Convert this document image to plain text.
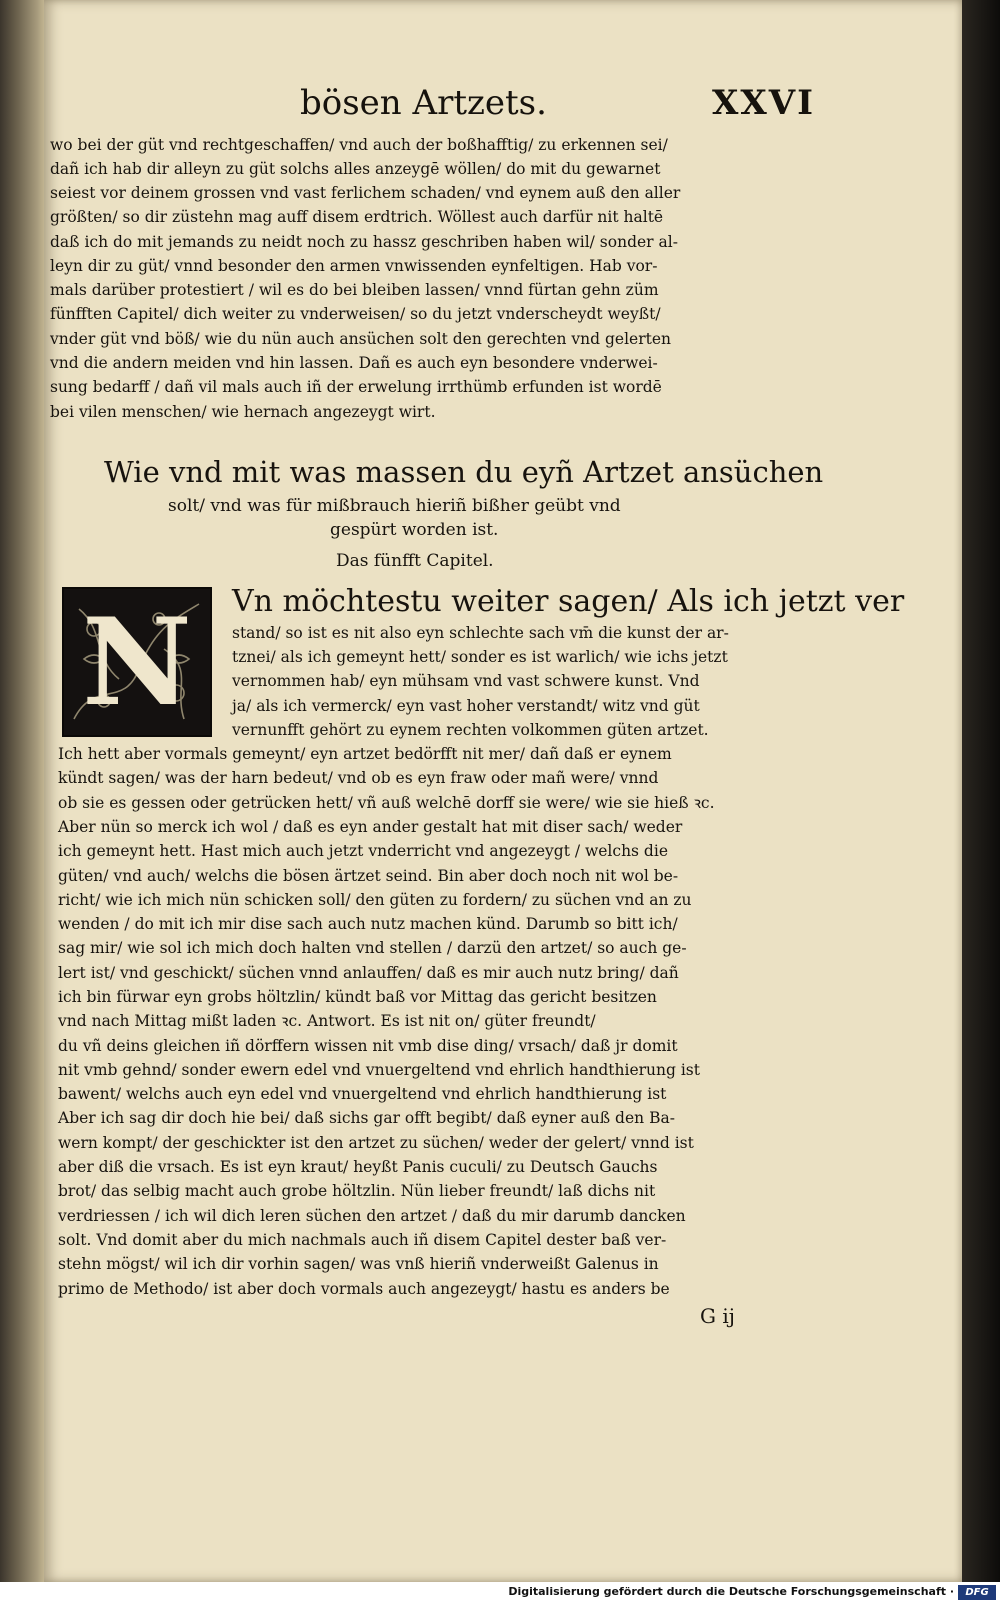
bösen Artzets.	XXVI
wo bei der güt vnd rechtgeschaffen/ vnd auch der boßhafftig/ zu erkennen sei/
dañ ich hab dir alleyn zu güt solchs alles anzeygē wöllen/ do mit du gewarnet
seiest vor deinem grossen vnd vast ferlichem schaden/ vnd eynem auß den aller
größten/ so dir züstehn mag auff disem erdtrich. Wöllest auch darfür nit haltē
daß ich do mit jemands zu neidt noch zu hassz geschriben haben wil/ sonder al-
leyn dir zu güt/ vnnd besonder den armen vnwissenden eynfeltigen. Hab vor-
mals darüber protestiert / wil es do bei bleiben lassen/ vnnd fürtan gehn züm
fünfften Capitel/ dich weiter zu vnderweisen/ so du jetzt vnderscheydt weyßt/
vnder güt vnd böß/ wie du nün auch ansüchen solt den gerechten vnd gelerten
vnd die andern meiden vnd hin lassen. Dañ es auch eyn besondere vnderwei-
sung bedarff / dañ vil mals auch iñ der erwelung irrthümb erfunden ist wordē
bei vilen menschen/ wie hernach angezeygt wirt.
Wie vnd mit was massen du eyñ Artzet ansüchen
solt/ vnd was für mißbrauch hieriñ bißher geübt vnd
gespürt worden ist.
Das fünfft Capitel.
N	Vn möchtestu weiter sagen/ Als ich jetzt ver
stand/ so ist es nit also eyn schlechte sach vm̄ die kunst der ar-
tznei/ als ich gemeynt hett/ sonder es ist warlich/ wie ichs jetzt
vernommen hab/ eyn mühsam vnd vast schwere kunst. Vnd
ja/ als ich vermerck/ eyn vast hoher verstandt/ witz vnd güt
vernunfft gehört zu eynem rechten volkommen güten artzet.
Ich hett aber vormals gemeynt/ eyn artzet bedörfft nit mer/ dañ daß er eynem
kündt sagen/ was der harn bedeut/ vnd ob es eyn fraw oder mañ were/ vnnd
ob sie es gessen oder getrücken hett/ vñ auß welchē dorff sie were/ wie sie hieß ꝛc.
Aber nün so merck ich wol / daß es eyn ander gestalt hat mit diser sach/ weder
ich gemeynt hett. Hast mich auch jetzt vnderricht vnd angezeygt / welchs die
güten/ vnd auch/ welchs die bösen ärtzet seind. Bin aber doch noch nit wol be-
richt/ wie ich mich nün schicken soll/ den güten zu fordern/ zu süchen vnd an zu
wenden / do mit ich mir dise sach auch nutz machen künd. Darumb so bitt ich/
sag mir/ wie sol ich mich doch halten vnd stellen / darzü den artzet/ so auch ge-
lert ist/ vnd geschickt/ süchen vnnd anlauffen/ daß es mir auch nutz bring/ dañ
ich bin fürwar eyn grobs höltzlin/ kündt baß vor Mittag das gericht besitzen
vnd nach Mittag mißt laden ꝛc. Antwort. Es ist nit on/ güter freundt/
du vñ deins gleichen iñ dörffern wissen nit vmb dise ding/ vrsach/ daß jr domit
nit vmb gehnd/ sonder ewern edel vnd vnuergeltend vnd ehrlich handthierung ist
bawent/ welchs auch eyn edel vnd vnuergeltend vnd ehrlich handthierung ist
Aber ich sag dir doch hie bei/ daß sichs gar offt begibt/ daß eyner auß den Ba-
wern kompt/ der geschickter ist den artzet zu süchen/ weder der gelert/ vnnd ist
aber diß die vrsach. Es ist eyn kraut/ heyßt Panis cuculi/ zu Deutsch Gauchs
brot/ das selbig macht auch grobe höltzlin. Nün lieber freundt/ laß dichs nit
verdriessen / ich wil dich leren süchen den artzet / daß du mir darumb dancken
solt. Vnd domit aber du mich nachmals auch iñ disem Capitel dester baß ver-
stehn mögst/ wil ich dir vorhin sagen/ was vnß hieriñ vnderweißt Galenus in
primo de Methodo/ ist aber doch vormals auch angezeygt/ hastu es anders be
G ij
Digitalisierung gefördert durch die Deutsche Forschungsgemeinschaft ·	DFG
